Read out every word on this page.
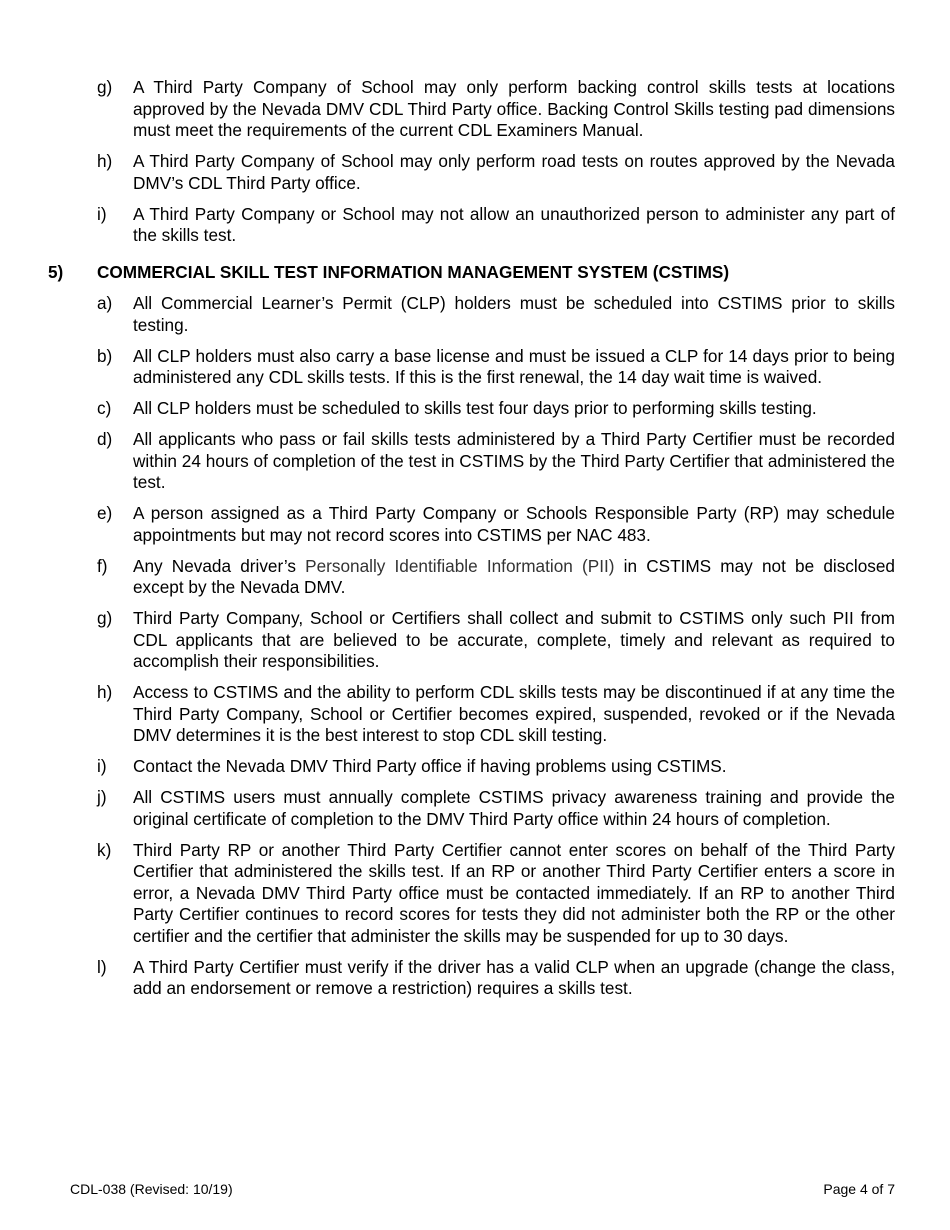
g)	A Third Party Company of School may only perform backing control skills tests at locations approved by the Nevada DMV CDL Third Party office. Backing Control Skills testing pad dimensions must meet the requirements of the current CDL Examiners Manual.
h)	A Third Party Company of School may only perform road tests on routes approved by the Nevada DMV’s CDL Third Party office.
i)	A Third Party Company or School may not allow an unauthorized person to administer any part of the skills test.
5)	COMMERCIAL SKILL TEST INFORMATION MANAGEMENT SYSTEM (CSTIMS)
a)	All Commercial Learner’s Permit (CLP) holders must be scheduled into CSTIMS prior to skills testing.
b)	All CLP holders must also carry a base license and must be issued a CLP for 14 days prior to being administered any CDL skills tests. If this is the first renewal, the 14 day wait time is waived.
c)	All CLP holders must be scheduled to skills test four days prior to performing skills testing.
d)	All applicants who pass or fail skills tests administered by a Third Party Certifier must be recorded within 24 hours of completion of the test in CSTIMS by the Third Party Certifier that administered the test.
e)	A person assigned as a Third Party Company or Schools Responsible Party (RP) may schedule appointments but may not record scores into CSTIMS per NAC 483.
f)	Any Nevada driver’s Personally Identifiable Information (PII) in CSTIMS may not be disclosed except by the Nevada DMV.
g)	Third Party Company, School or Certifiers shall collect and submit to CSTIMS only such PII from CDL applicants that are believed to be accurate, complete, timely and relevant as required to accomplish their responsibilities.
h)	Access to CSTIMS and the ability to perform CDL skills tests may be discontinued if at any time the Third Party Company, School or Certifier becomes expired, suspended, revoked or if the Nevada DMV determines it is the best interest to stop CDL skill testing.
i)	Contact the Nevada DMV Third Party office if having problems using CSTIMS.
j)	All CSTIMS users must annually complete CSTIMS privacy awareness training and provide the original certificate of completion to the DMV Third Party office within 24 hours of completion.
k)	Third Party RP or another Third Party Certifier cannot enter scores on behalf of the Third Party Certifier that administered the skills test. If an RP or another Third Party Certifier enters a score in error, a Nevada DMV Third Party office must be contacted immediately. If an RP to another Third Party Certifier continues to record scores for tests they did not administer both the RP or the other certifier and the certifier that administer the skills may be suspended for up to 30 days.
l)	A Third Party Certifier must verify if the driver has a valid CLP when an upgrade (change the class, add an endorsement or remove a restriction) requires a skills test.
CDL-038 (Revised: 10/19)	Page 4 of 7
